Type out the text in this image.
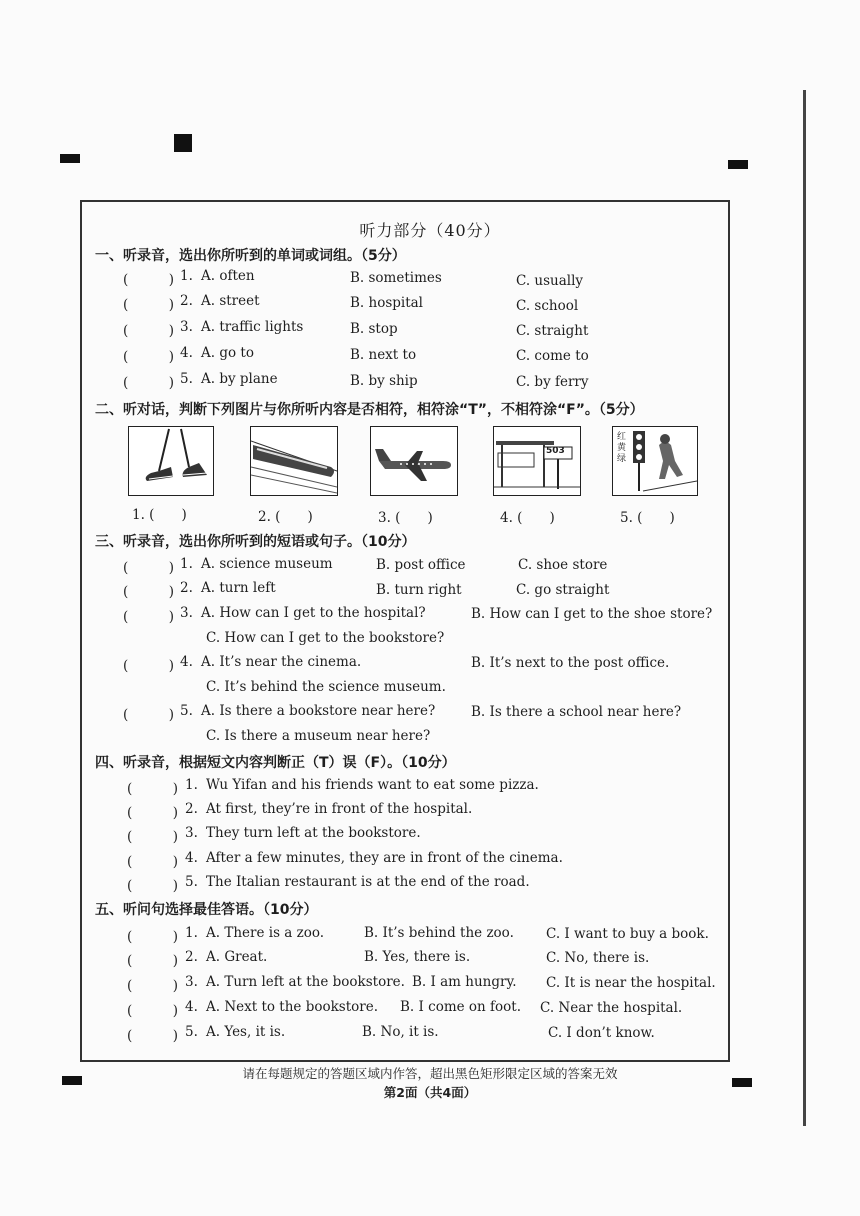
听力部分（40分）
一、听录音，选出你所听到的单词或词组。（5分）
(　　　) 1. A. often	B. sometimes	C. usually
(　　　) 2. A. street	B. hospital	C. school
(　　　) 3. A. traffic lights	B. stop	C. straight
(　　　) 4. A. go to	B. next to	C. come to
(　　　) 5. A. by plane	B. by ship	C. by ferry
二、听对话，判断下列图片与你所听内容是否相符，相符涂“T”，不相符涂“F”。（5分）
503
红
黄
绿
1. (　　)	2. (　　)	3. (　　)	4. (　　)	5. (　　)
三、听录音，选出你所听到的短语或句子。（10分）
(　　　) 1. A. science museum	B. post office	C. shoe store
(　　　) 2. A. turn left	B. turn right	C. go straight
(　　　) 3. A. How can I get to the hospital?	B. How can I get to the shoe store?
C. How can I get to the bookstore?
(　　　) 4. A. It’s near the cinema.	B. It’s next to the post office.
C. It’s behind the science museum.
(　　　) 5. A. Is there a bookstore near here?	B. Is there a school near here?
C. Is there a museum near here?
四、听录音，根据短文内容判断正（T）误（F）。（10分）
(　　　) 1. Wu Yifan and his friends want to eat some pizza.
(　　　) 2. At first, they’re in front of the hospital.
(　　　) 3. They turn left at the bookstore.
(　　　) 4. After a few minutes, they are in front of the cinema.
(　　　) 5. The Italian restaurant is at the end of the road.
五、听问句选择最佳答语。（10分）
(　　　) 1. A. There is a zoo.	B. It’s behind the zoo. C. I want to buy a book.
(　　　) 2. A. Great.	B. Yes, there is.	C. No, there is.
(　　　) 3. A. Turn left at the bookstore. B. I am hungry. C. It is near the hospital.
(　　　) 4. A. Next to the bookstore. B. I come on foot. C. Near the hospital.
(　　　) 5. A. Yes, it is.	B. No, it is.	C. I don’t know.
请在每题规定的答题区域内作答，超出黑色矩形限定区域的答案无效
第2面（共4面）
